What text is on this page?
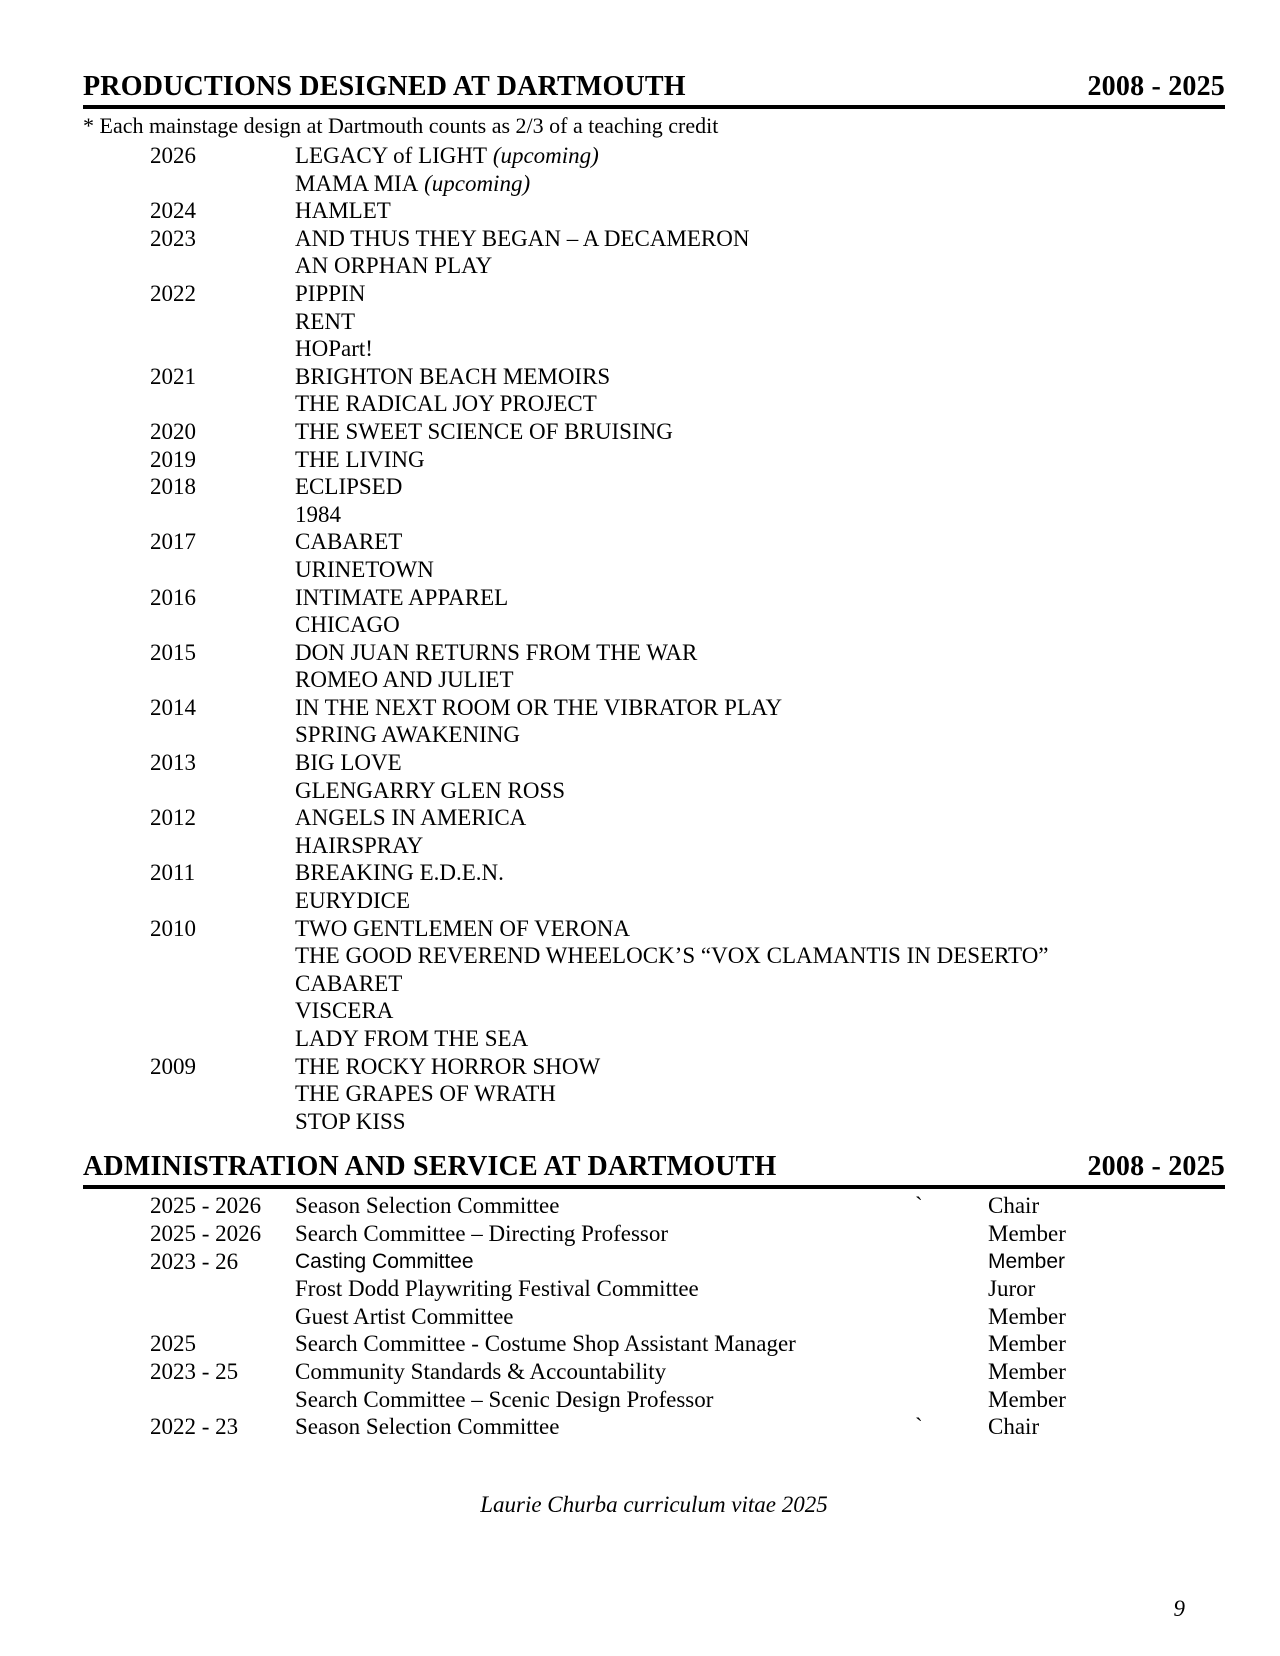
PRODUCTIONS DESIGNED AT DARTMOUTH	2008 - 2025
* Each mainstage design at Dartmouth counts as 2/3 of a teaching credit
2026	LEGACY of LIGHT (upcoming)
MAMA MIA (upcoming)
2024	HAMLET
2023	AND THUS THEY BEGAN – A DECAMERON
AN ORPHAN PLAY
2022	PIPPIN
RENT
HOPart!
2021	BRIGHTON BEACH MEMOIRS
THE RADICAL JOY PROJECT
2020	THE SWEET SCIENCE OF BRUISING
2019	THE LIVING
2018	ECLIPSED
1984
2017	CABARET
URINETOWN
2016	INTIMATE APPAREL
CHICAGO
2015	DON JUAN RETURNS FROM THE WAR
ROMEO AND JULIET
2014	IN THE NEXT ROOM OR THE VIBRATOR PLAY
SPRING AWAKENING
2013	BIG LOVE
GLENGARRY GLEN ROSS
2012	ANGELS IN AMERICA
HAIRSPRAY
2011	BREAKING E.D.E.N.
EURYDICE
2010	TWO GENTLEMEN OF VERONA
THE GOOD REVEREND WHEELOCK’S “VOX CLAMANTIS IN DESERTO”
CABARET
VISCERA
LADY FROM THE SEA
2009	THE ROCKY HORROR SHOW
THE GRAPES OF WRATH
STOP KISS
ADMINISTRATION AND SERVICE AT DARTMOUTH	2008 - 2025
2025 - 2026	Season Selection Committee	`	Chair
2025 - 2026	Search Committee – Directing Professor	Member
2023 - 26	Casting Committee	Member
Frost Dodd Playwriting Festival Committee	Juror
Guest Artist Committee	Member
2025	Search Committee - Costume Shop Assistant Manager	Member
2023 - 25	Community Standards & Accountability	Member
Search Committee – Scenic Design Professor	Member
2022 - 23	Season Selection Committee	`	Chair
Laurie Churba curriculum vitae 2025
9
